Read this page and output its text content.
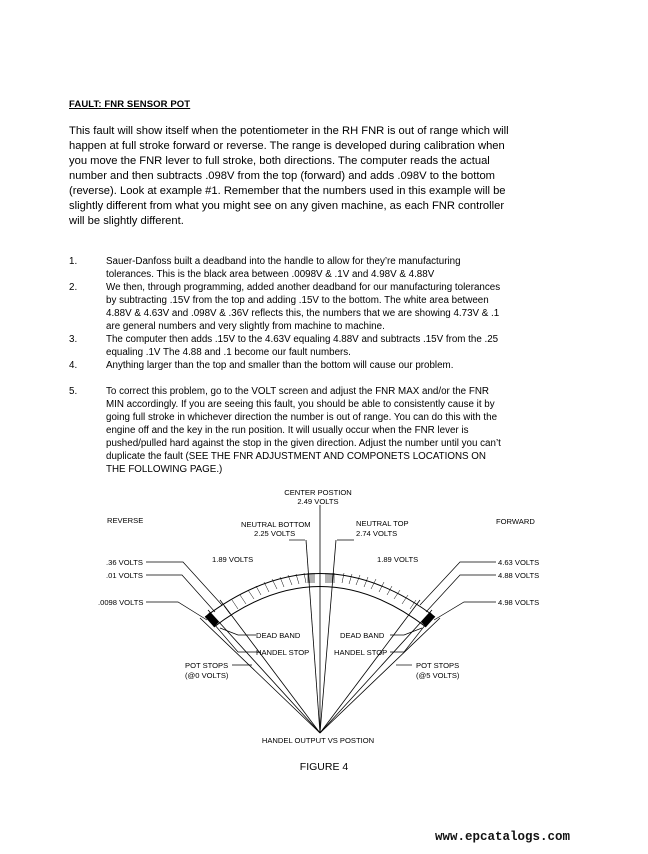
FAULT: FNR SENSOR POT
This fault will show itself when the potentiometer in the RH FNR is out of range which will
happen at full stroke forward or reverse. The range is developed during calibration when
you move the FNR lever to full stroke, both directions. The computer reads the actual
number and then subtracts .098V from the top (forward) and adds .098V to the bottom
(reverse). Look at example #1. Remember that the numbers used in this example will be
slightly different from what you might see on any given machine, as each FNR controller
will be slightly different.
1.	Sauer-Danfoss built a deadband into the handle to allow for they’re manufacturing
tolerances. This is the black area between .0098V & .1V and 4.98V & 4.88V
2.	We then, through programming, added another deadband for our manufacturing tolerances
by subtracting .15V from the top and adding .15V to the bottom. The white area between
4.88V & 4.63V and .098V & .36V reflects this, the numbers that we are showing 4.73V & .1
are general numbers and very slightly from machine to machine.
3.	The computer then adds .15V to the 4.63V equaling 4.88V and subtracts .15V from the .25
equaling .1V The 4.88 and .1 become our fault numbers.
4.	Anything larger than the top and smaller than the bottom will cause our problem.
5.	To correct this problem, go to the VOLT screen and adjust the FNR MAX and/or the FNR
MIN accordingly. If you are seeing this fault, you should be able to consistently cause it by
going full stroke in whichever direction the number is out of range. You can do this with the
engine off and the key in the run position. It will usually occur when the FNR lever is
pushed/pulled hard against the stop in the given direction. Adjust the number until you can’t
duplicate the fault (SEE THE FNR ADJUSTMENT AND COMPONETS LOCATIONS ON
THE FOLLOWING PAGE.)
CENTER POSTION
2.49 VOLTS
REVERSE	FORWARD
NEUTRAL BOTTOM
2.25 VOLTS
NEUTRAL TOP
2.74 VOLTS
1.89 VOLTS	1.89 VOLTS
.36 VOLTS
.01 VOLTS
.0098 VOLTS
4.63 VOLTS
4.88 VOLTS
4.98 VOLTS
DEAD BAND	DEAD BAND
HANDEL STOP	HANDEL STOP
POT STOPS
(@0 VOLTS)
POT STOPS
(@5 VOLTS)
HANDEL OUTPUT VS POSTION
FIGURE 4
www.epcatalogs.com
